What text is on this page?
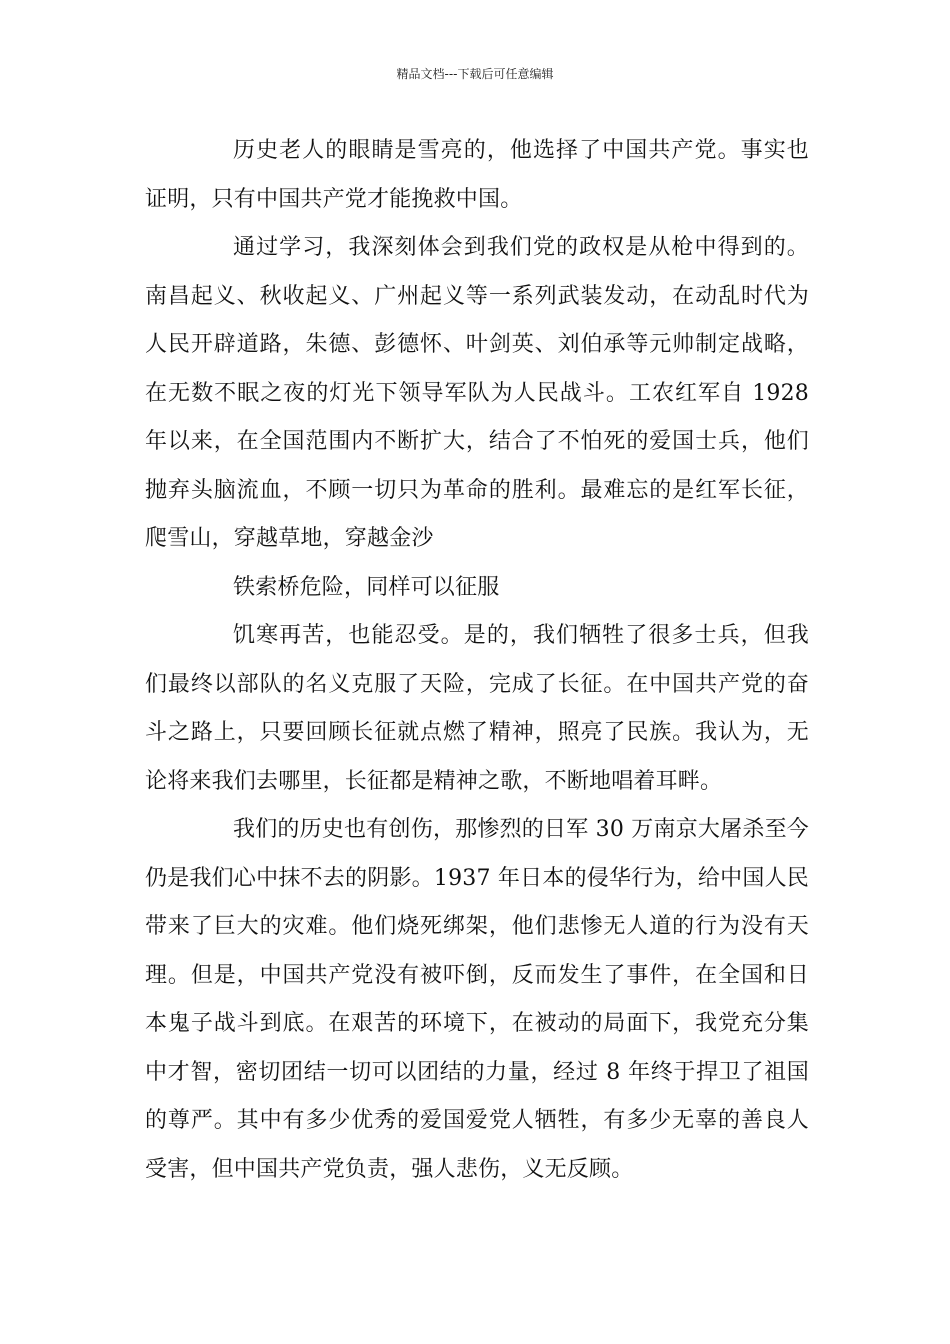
精品文档---下载后可任意编辑

历史老人的眼睛是雪亮的，他选择了中国共产党。事实也证明，只有中国共产党才能挽救中国。

通过学习，我深刻体会到我们党的政权是从枪中得到的。南昌起义、秋收起义、广州起义等一系列武装发动，在动乱时代为人民开辟道路，朱德、彭德怀、叶剑英、刘伯承等元帅制定战略，在无数不眠之夜的灯光下领导军队为人民战斗。工农红军自 1928 年以来，在全国范围内不断扩大，结合了不怕死的爱国士兵，他们抛弃头脑流血，不顾一切只为革命的胜利。最难忘的是红军长征，爬雪山，穿越草地，穿越金沙

铁索桥危险，同样可以征服

饥寒再苦，也能忍受。是的，我们牺牲了很多士兵，但我们最终以部队的名义克服了天险，完成了长征。在中国共产党的奋斗之路上，只要回顾长征就点燃了精神，照亮了民族。我认为，无论将来我们去哪里，长征都是精神之歌，不断地唱着耳畔。

我们的历史也有创伤，那惨烈的日军 30 万南京大屠杀至今仍是我们心中抹不去的阴影。1937 年日本的侵华行为，给中国人民带来了巨大的灾难。他们烧死绑架，他们悲惨无人道的行为没有天理。但是，中国共产党没有被吓倒，反而发生了事件，在全国和日本鬼子战斗到底。在艰苦的环境下，在被动的局面下，我党充分集中才智，密切团结一切可以团结的力量，经过 8 年终于捍卫了祖国的尊严。其中有多少优秀的爱国爱党人牺牲，有多少无辜的善良人受害，但中国共产党负责，强人悲伤，义无反顾。
